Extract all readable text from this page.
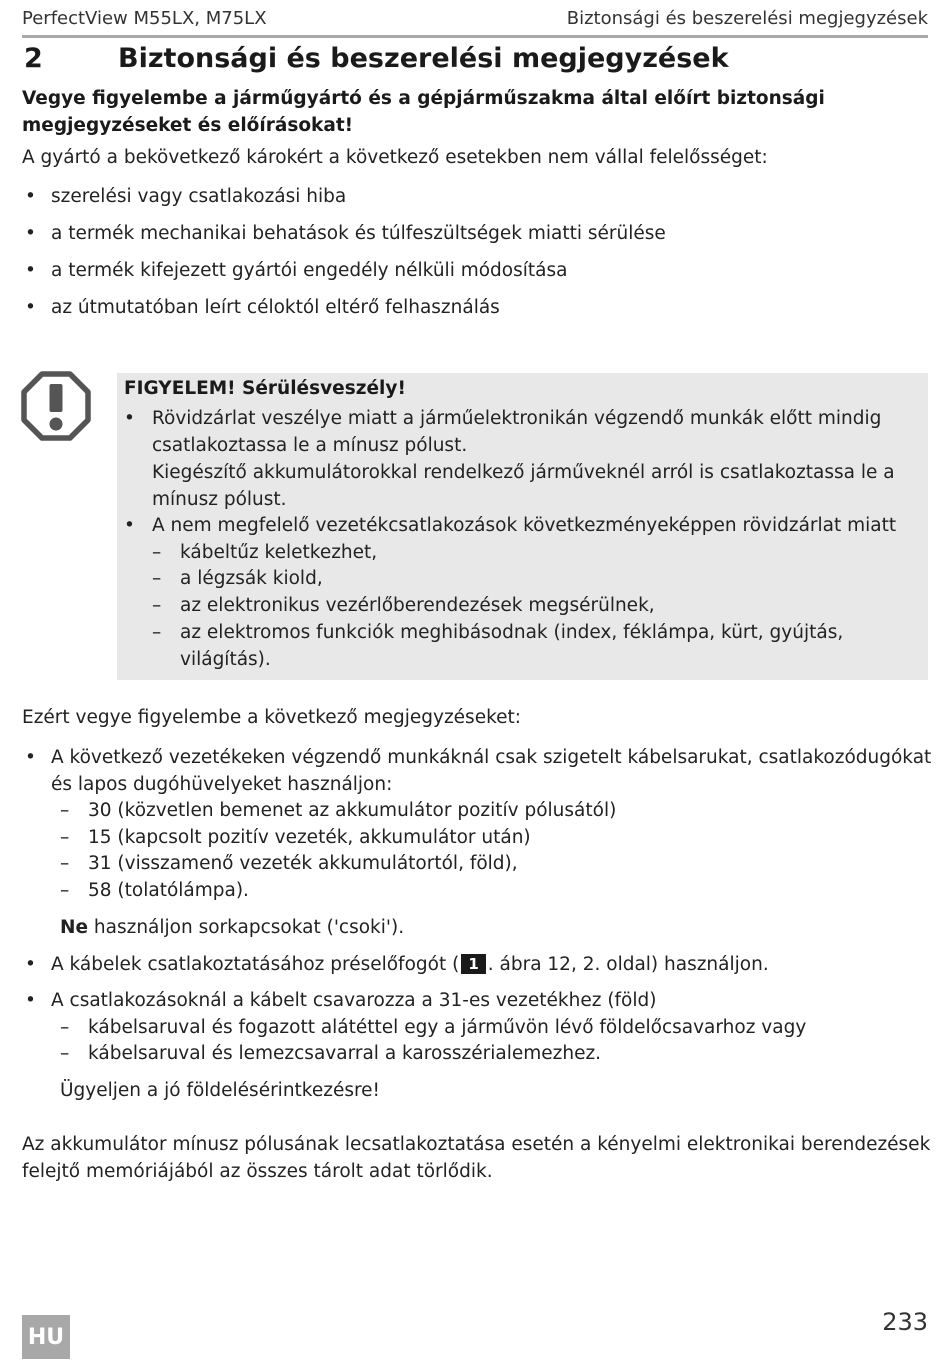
PerfectView M55LX, M75LX	Biztonsági és beszerelési megjegyzések
2	Biztonsági és beszerelési megjegyzések
Vegye figyelembe a járműgyártó és a gépjárműszakma által előírt biztonsági
megjegyzéseket és előírásokat!
A gyártó a bekövetkező károkért a következő esetekben nem vállal felelősséget:
• szerelési vagy csatlakozási hiba
• a termék mechanikai behatások és túlfeszültségek miatti sérülése
• a termék kifejezett gyártói engedély nélküli módosítása
• az útmutatóban leírt céloktól eltérő felhasználás
FIGYELEM! Sérülésveszély!
• Rövidzárlat veszélye miatt a járműelektronikán végzendő munkák előtt mindig
csatlakoztassa le a mínusz pólust.
Kiegészítő akkumulátorokkal rendelkező járműveknél arról is csatlakoztassa le a
mínusz pólust.
• A nem megfelelő vezetékcsatlakozások következményeképpen rövidzárlat miatt
– kábeltűz keletkezhet,
– a légzsák kiold,
– az elektronikus vezérlőberendezések megsérülnek,
– az elektromos funkciók meghibásodnak (index, féklámpa, kürt, gyújtás,
világítás).
Ezért vegye figyelembe a következő megjegyzéseket:
• A következő vezetékeken végzendő munkáknál csak szigetelt kábelsarukat, csatlakozódugókat
és lapos dugóhüvelyeket használjon:
– 30 (közvetlen bemenet az akkumulátor pozitív pólusától)
– 15 (kapcsolt pozitív vezeték, akkumulátor után)
– 31 (visszamenő vezeték akkumulátortól, föld),
– 58 (tolatólámpa).
Ne használjon sorkapcsokat ('csoki').
• A kábelek csatlakoztatásához préselőfogót ( 1 . ábra 12, 2. oldal) használjon.
• A csatlakozásoknál a kábelt csavarozza a 31-es vezetékhez (föld)
– kábelsaruval és fogazott alátéttel egy a járművön lévő földelőcsavarhoz vagy
– kábelsaruval és lemezcsavarral a karosszérialemezhez.
Ügyeljen a jó földelésérintkezésre!
Az akkumulátor mínusz pólusának lecsatlakoztatása esetén a kényelmi elektronikai berendezések
felejtő memóriájából az összes tárolt adat törlődik.
HU
233
